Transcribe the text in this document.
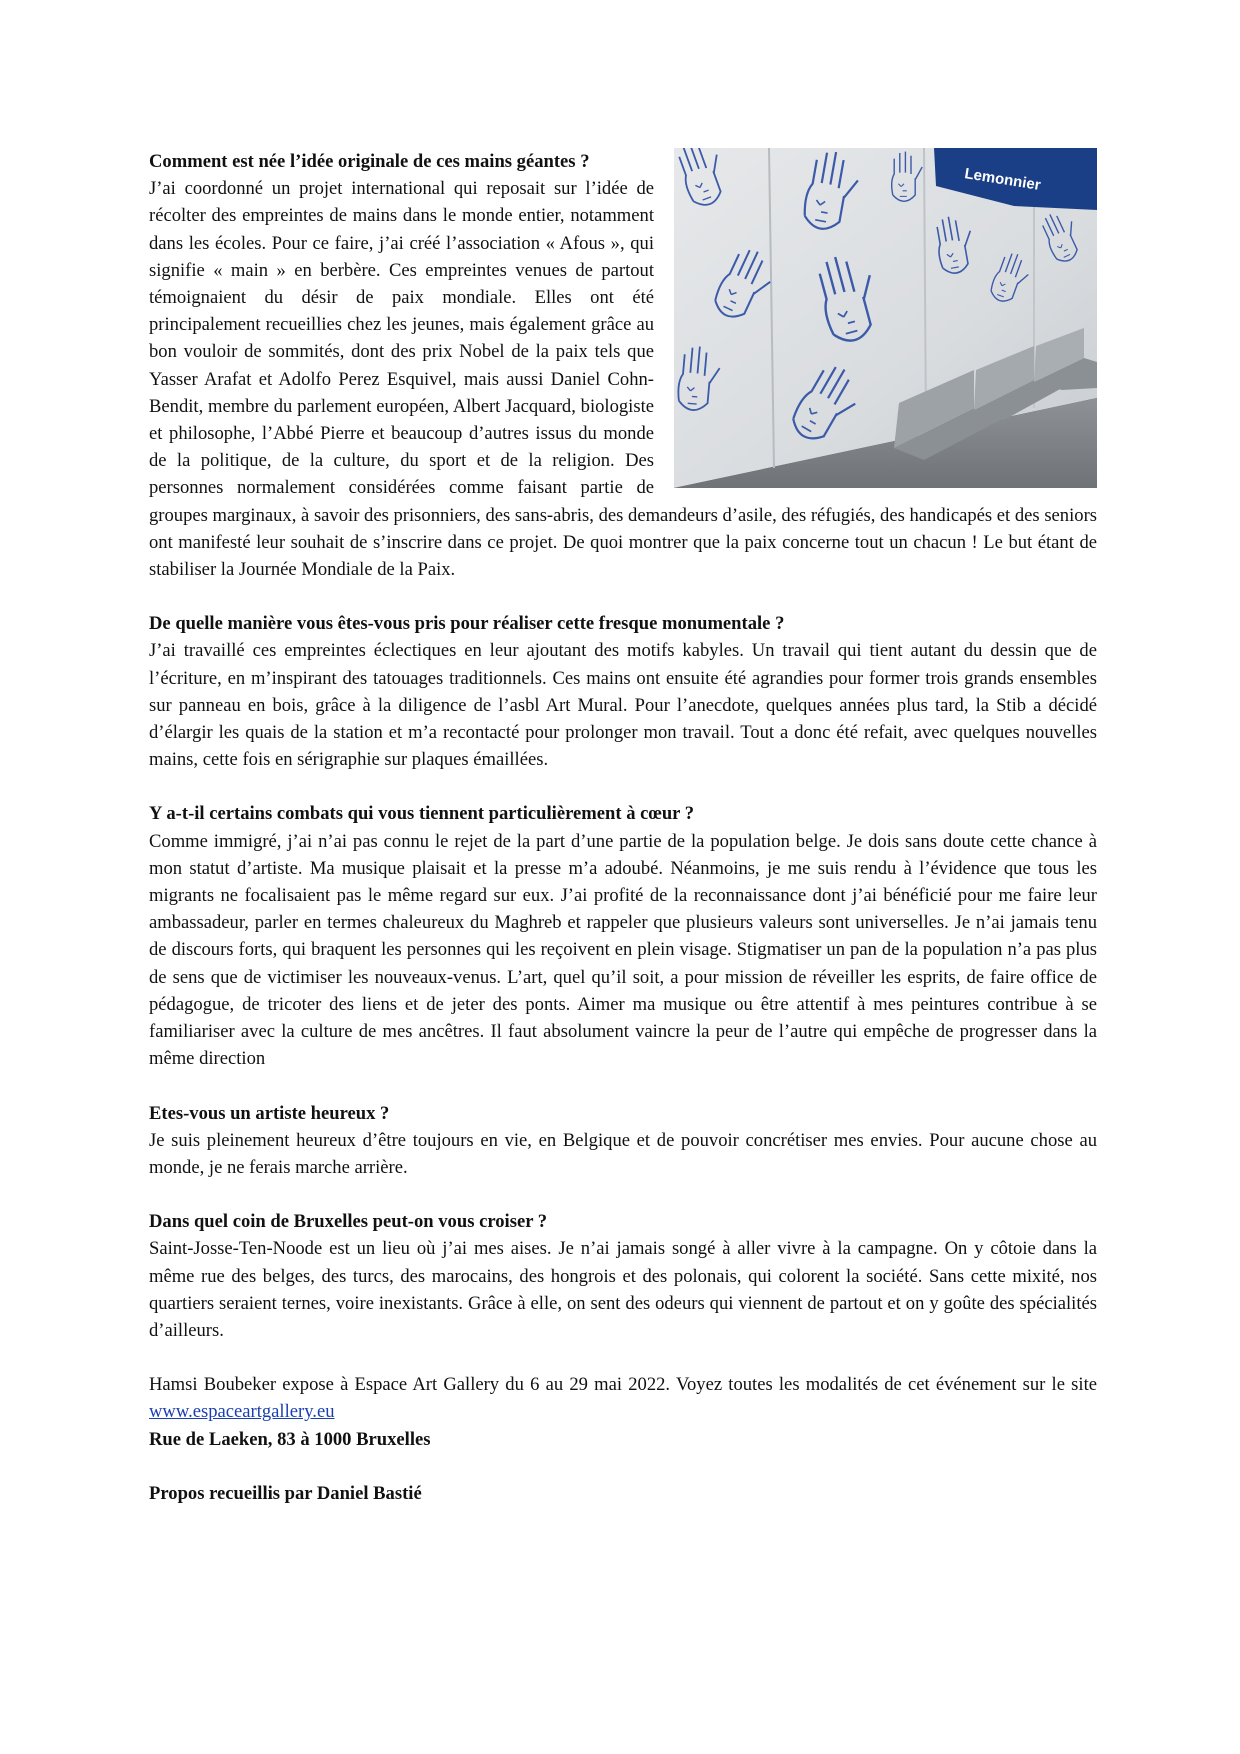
Lemonnier
Comment est née l’idée originale de ces mains géantes ?
J’ai coordonné un projet international qui reposait sur l’idée de récolter des empreintes de mains dans le monde entier, notamment dans les écoles. Pour ce faire, j’ai créé l’association « Afous », qui signifie « main » en berbère. Ces empreintes venues de partout témoignaient du désir de paix mondiale. Elles ont été principalement recueillies chez les jeunes, mais également grâce au bon vouloir de sommités, dont des prix Nobel de la paix tels que Yasser Arafat et Adolfo Perez Esquivel, mais aussi Daniel Cohn-Bendit, membre du parlement européen, Albert Jacquard, biologiste et philosophe, l’Abbé Pierre et beaucoup d’autres issus du monde de la politique, de la culture, du sport et de la religion. Des personnes normalement considérées comme faisant partie de groupes marginaux, à savoir des prisonniers, des sans-abris, des demandeurs d’asile, des réfugiés, des handicapés et des seniors ont manifesté leur souhait de s’inscrire dans ce projet. De quoi montrer que la paix concerne tout un chacun ! Le but étant de stabiliser la Journée Mondiale de la Paix.
De quelle manière vous êtes-vous pris pour réaliser cette fresque monumentale ?
J’ai travaillé ces empreintes éclectiques en leur ajoutant des motifs kabyles. Un travail qui tient autant du dessin que de l’écriture, en m’inspirant des tatouages traditionnels. Ces mains ont ensuite été agrandies pour former trois grands ensembles sur panneau en bois, grâce à la diligence de l’asbl Art Mural. Pour l’anecdote, quelques années plus tard, la Stib a décidé d’élargir les quais de la station et m’a recontacté pour prolonger mon travail. Tout a donc été refait, avec quelques nouvelles mains, cette fois en sérigraphie sur plaques émaillées.
Y a-t-il certains combats qui vous tiennent particulièrement à cœur ?
Comme immigré, j’ai n’ai pas connu le rejet de la part d’une partie de la population belge. Je dois sans doute cette chance à mon statut d’artiste. Ma musique plaisait et la presse m’a adoubé. Néanmoins, je me suis rendu à l’évidence que tous les migrants ne focalisaient pas le même regard sur eux. J’ai profité de la reconnaissance dont j’ai bénéficié pour me faire leur ambassadeur, parler en termes chaleureux du Maghreb et rappeler que plusieurs valeurs sont universelles. Je n’ai jamais tenu de discours forts, qui braquent les personnes qui les reçoivent en plein visage. Stigmatiser un pan de la population n’a pas plus de sens que de victimiser les nouveaux-venus. L’art, quel qu’il soit, a pour mission de réveiller les esprits, de faire office de pédagogue, de tricoter des liens et de jeter des ponts. Aimer ma musique ou être attentif à mes peintures contribue à se familiariser avec la culture de mes ancêtres. Il faut absolument vaincre la peur de l’autre qui empêche de progresser dans la même direction
Etes-vous un artiste heureux ?
Je suis pleinement heureux d’être toujours en vie, en Belgique et de pouvoir concrétiser mes envies. Pour aucune chose au monde, je ne ferais marche arrière.
Dans quel coin de Bruxelles peut-on vous croiser ?
Saint-Josse-Ten-Noode est un lieu où j’ai mes aises. Je n’ai jamais songé à aller vivre à la campagne. On y côtoie dans la même rue des belges, des turcs, des marocains, des hongrois et des polonais, qui colorent la société. Sans cette mixité, nos quartiers seraient ternes, voire inexistants. Grâce à elle, on sent des odeurs qui viennent de partout et on y goûte des spécialités d’ailleurs.
Hamsi Boubeker expose à Espace Art Gallery du 6 au 29 mai 2022. Voyez toutes les modalités de cet événement sur le site www.espaceartgallery.eu
Rue de Laeken, 83 à 1000 Bruxelles
Propos recueillis par Daniel Bastié
